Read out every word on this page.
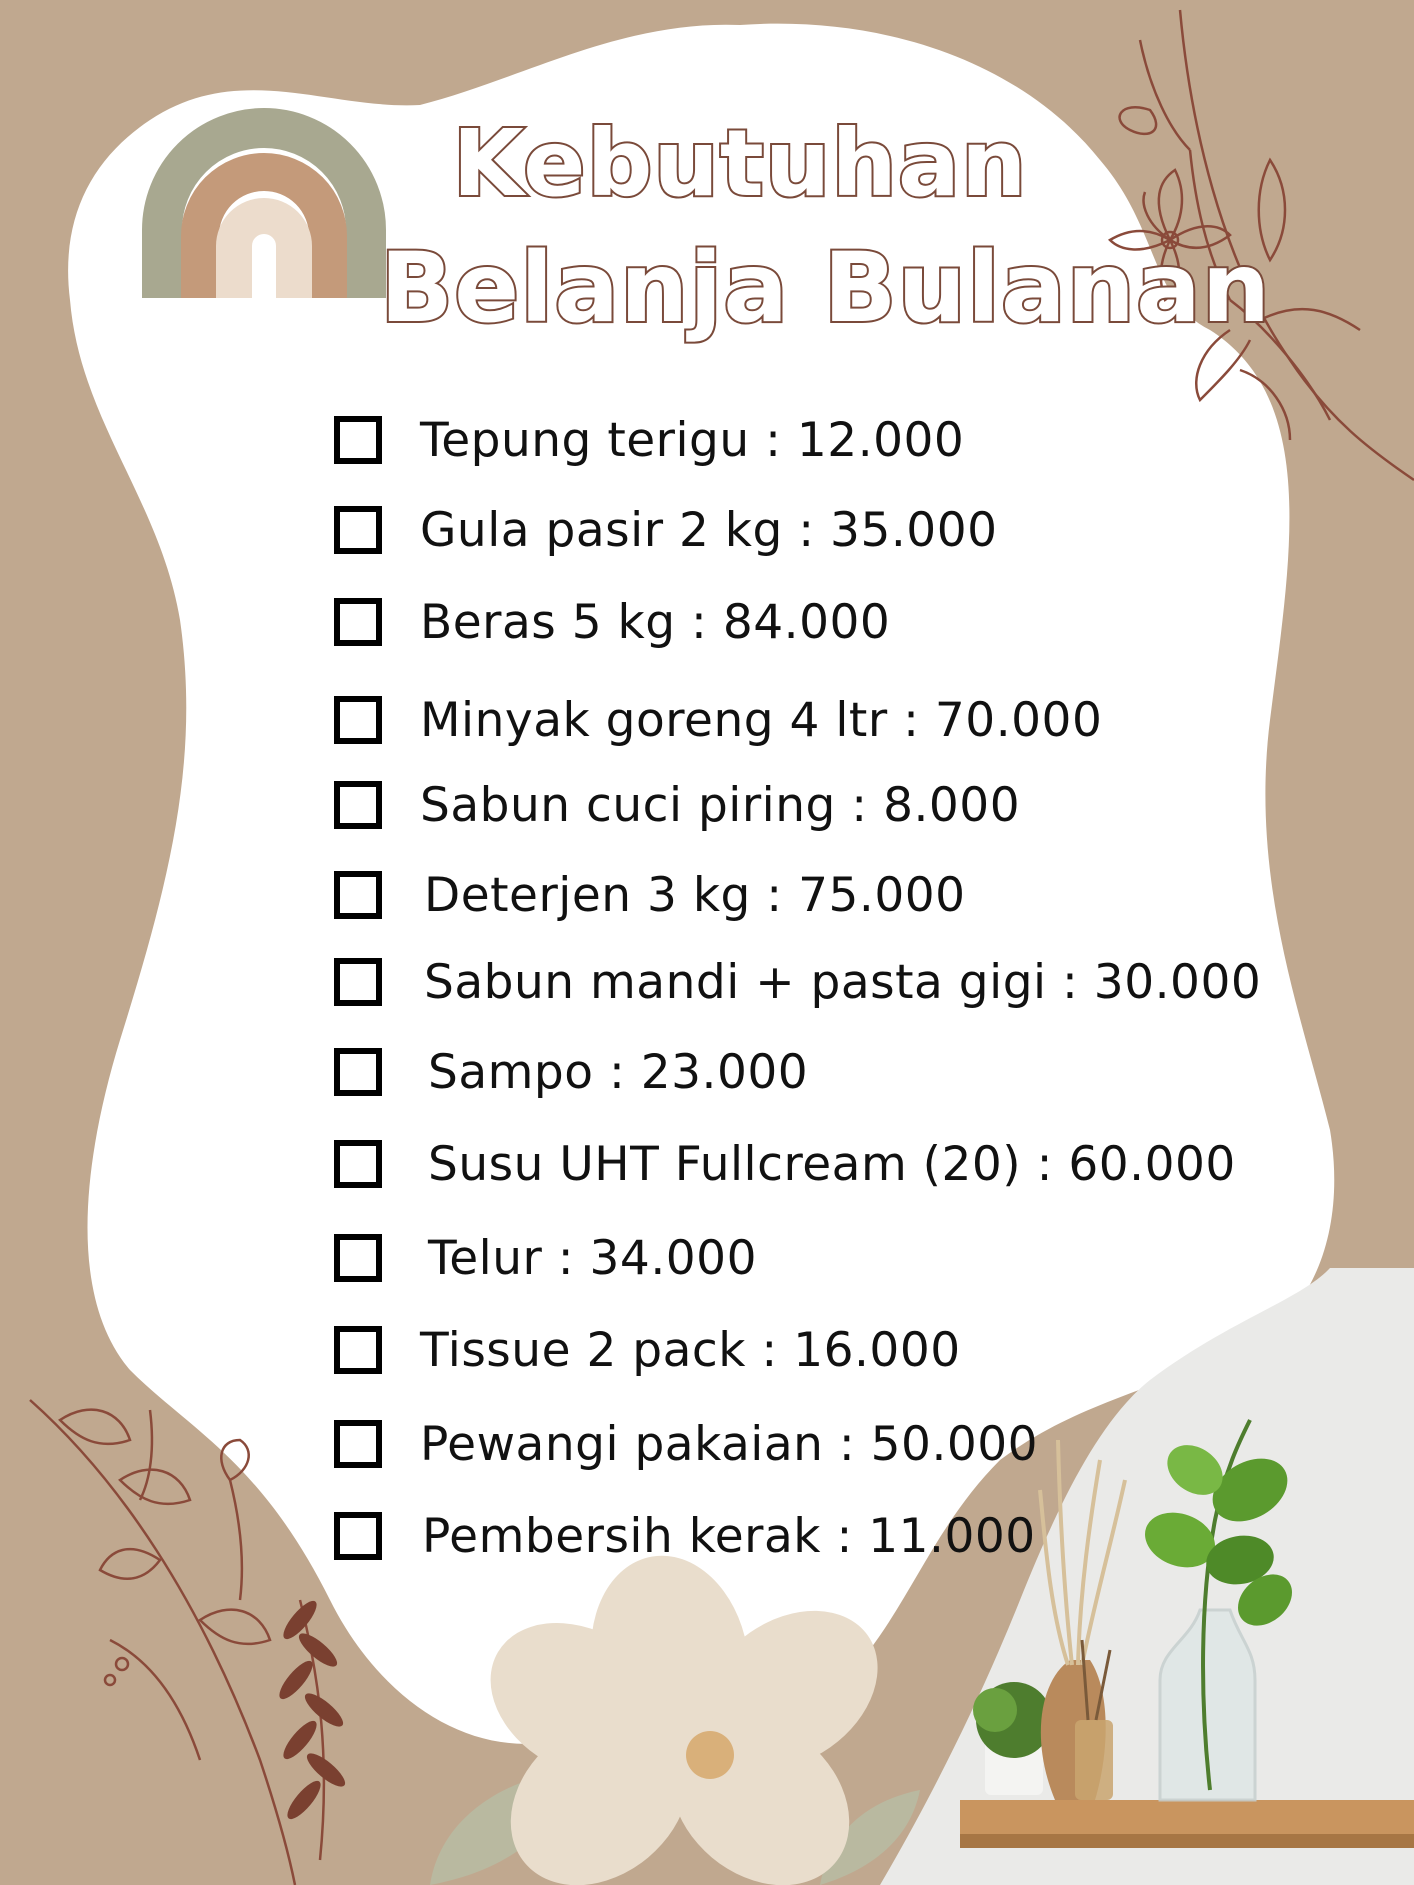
Kebutuhan
Belanja Bulanan
Tepung terigu : 12.000
Gula pasir 2 kg : 35.000
Beras 5 kg : 84.000
Minyak goreng 4 ltr : 70.000
Sabun cuci piring : 8.000
Deterjen 3 kg : 75.000
Sabun mandi + pasta gigi : 30.000
Sampo : 23.000
Susu UHT Fullcream (20) : 60.000
Telur : 34.000
Tissue 2 pack : 16.000
Pewangi pakaian : 50.000
Pembersih kerak : 11.000
